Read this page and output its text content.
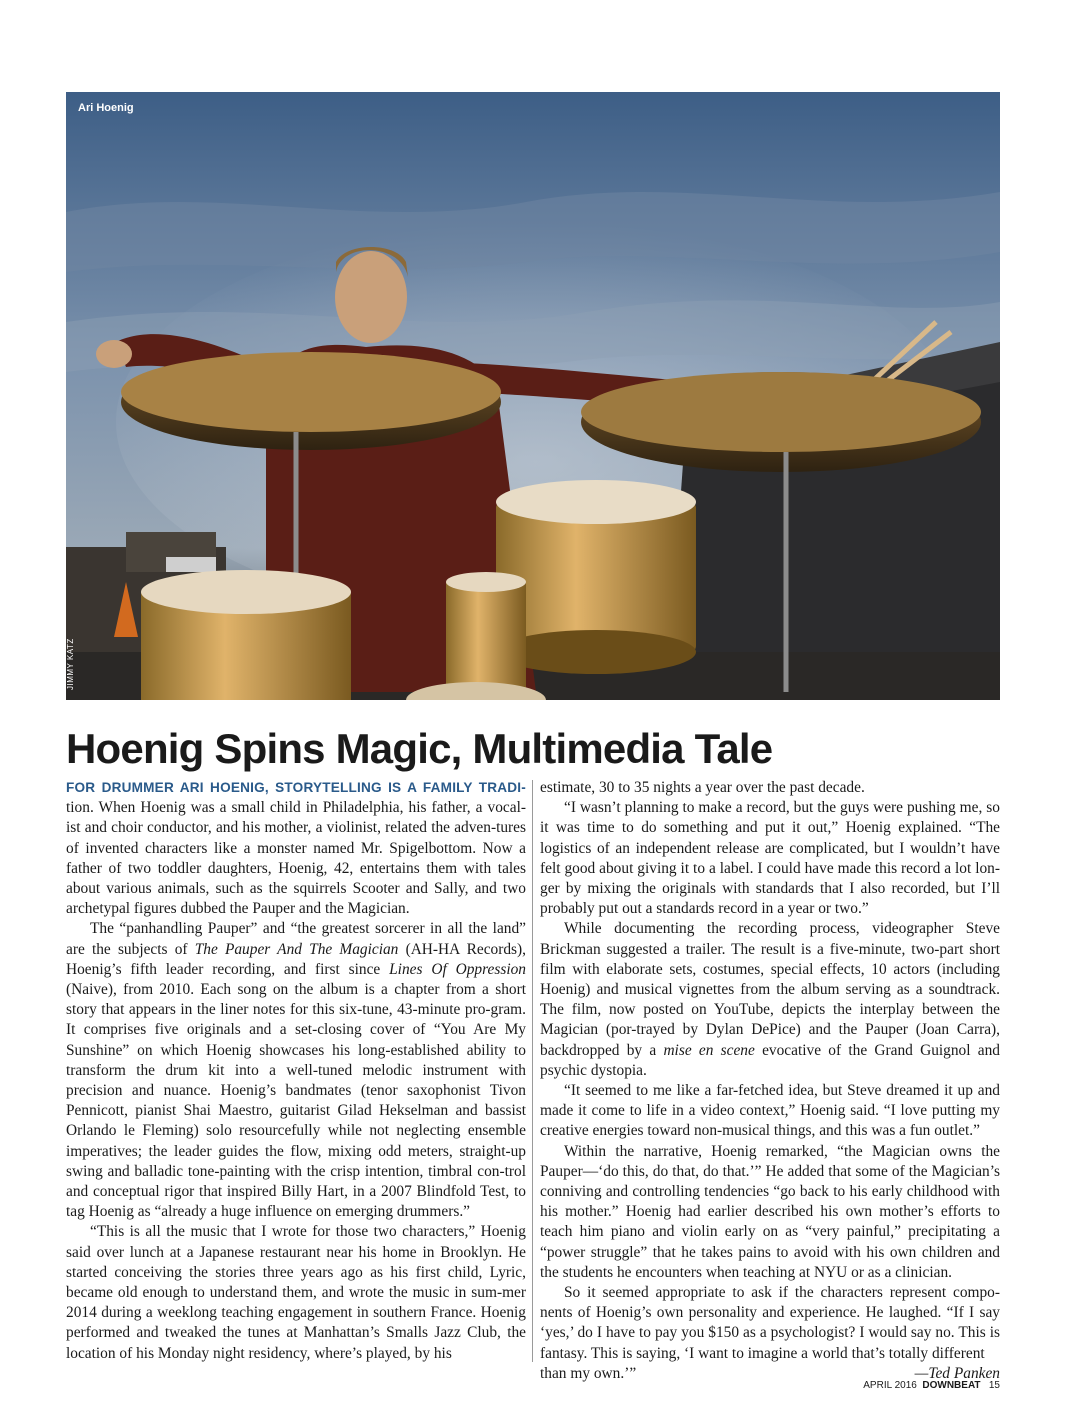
Ari Hoenig
JIMMY KATZ
Hoenig Spins Magic, Multimedia Tale

FOR DRUMMER ARI HOENIG, STORYTELLING IS A FAMILY TRADI- tion. When Hoenig was a small child in Philadelphia, his father, a vocal-ist and choir conductor, and his mother, a violinist, related the adven-tures of invented characters like a monster named Mr. Spigelbottom. Now a father of two toddler daughters, Hoenig, 42, entertains them with tales about various animals, such as the squirrels Scooter and Sally, and two archetypal figures dubbed the Pauper and the Magician.

The “panhandling Pauper” and “the greatest sorcerer in all the land” are the subjects of The Pauper And The Magician (AH-HA Records), Hoenig’s fifth leader recording, and first since Lines Of Oppression (Naive), from 2010. Each song on the album is a chapter from a short story that appears in the liner notes for this six-tune, 43-minute pro-gram. It comprises five originals and a set-closing cover of “You Are My Sunshine” on which Hoenig showcases his long-established ability to transform the drum kit into a well-tuned melodic instrument with precision and nuance. Hoenig’s bandmates (tenor saxophonist Tivon Pennicott, pianist Shai Maestro, guitarist Gilad Hekselman and bassist Orlando le Fleming) solo resourcefully while not neglecting ensemble imperatives; the leader guides the flow, mixing odd meters, straight-up swing and balladic tone-painting with the crisp intention, timbral con-trol and conceptual rigor that inspired Billy Hart, in a 2007 Blindfold Test, to tag Hoenig as “already a huge influence on emerging drummers.”

“This is all the music that I wrote for those two characters,” Hoenig said over lunch at a Japanese restaurant near his home in Brooklyn. He started conceiving the stories three years ago as his first child, Lyric, became old enough to understand them, and wrote the music in sum-mer 2014 during a weeklong teaching engagement in southern France. Hoenig performed and tweaked the tunes at Manhattan’s Smalls Jazz Club, the location of his Monday night residency, where’s played, by his

estimate, 30 to 35 nights a year over the past decade.

“I wasn’t planning to make a record, but the guys were pushing me, so it was time to do something and put it out,” Hoenig explained. “The logistics of an independent release are complicated, but I wouldn’t have felt good about giving it to a label. I could have made this record a lot lon-ger by mixing the originals with standards that I also recorded, but I’ll probably put out a standards record in a year or two.”

While documenting the recording process, videographer Steve Brickman suggested a trailer. The result is a five-minute, two-part short film with elaborate sets, costumes, special effects, 10 actors (including Hoenig) and musical vignettes from the album serving as a soundtrack. The film, now posted on YouTube, depicts the interplay between the Magician (por-trayed by Dylan DePice) and the Pauper (Joan Carra), backdropped by a mise en scene evocative of the Grand Guignol and psychic dystopia.

“It seemed to me like a far-fetched idea, but Steve dreamed it up and made it come to life in a video context,” Hoenig said. “I love putting my creative energies toward non-musical things, and this was a fun outlet.”

Within the narrative, Hoenig remarked, “the Magician owns the Pauper—‘do this, do that, do that.’” He added that some of the Magician’s conniving and controlling tendencies “go back to his early childhood with his mother.” Hoenig had earlier described his own mother’s efforts to teach him piano and violin early on as “very painful,” precipitating a “power struggle” that he takes pains to avoid with his own children and the students he encounters when teaching at NYU or as a clinician.

So it seemed appropriate to ask if the characters represent compo-nents of Hoenig’s own personality and experience. He laughed. “If I say ‘yes,’ do I have to pay you $150 as a psychologist? I would say no. This is fantasy. This is saying, ‘I want to imagine a world that’s totally different

than my own.’”	—Ted Panken
APRIL 2016 DOWNBEAT 15
